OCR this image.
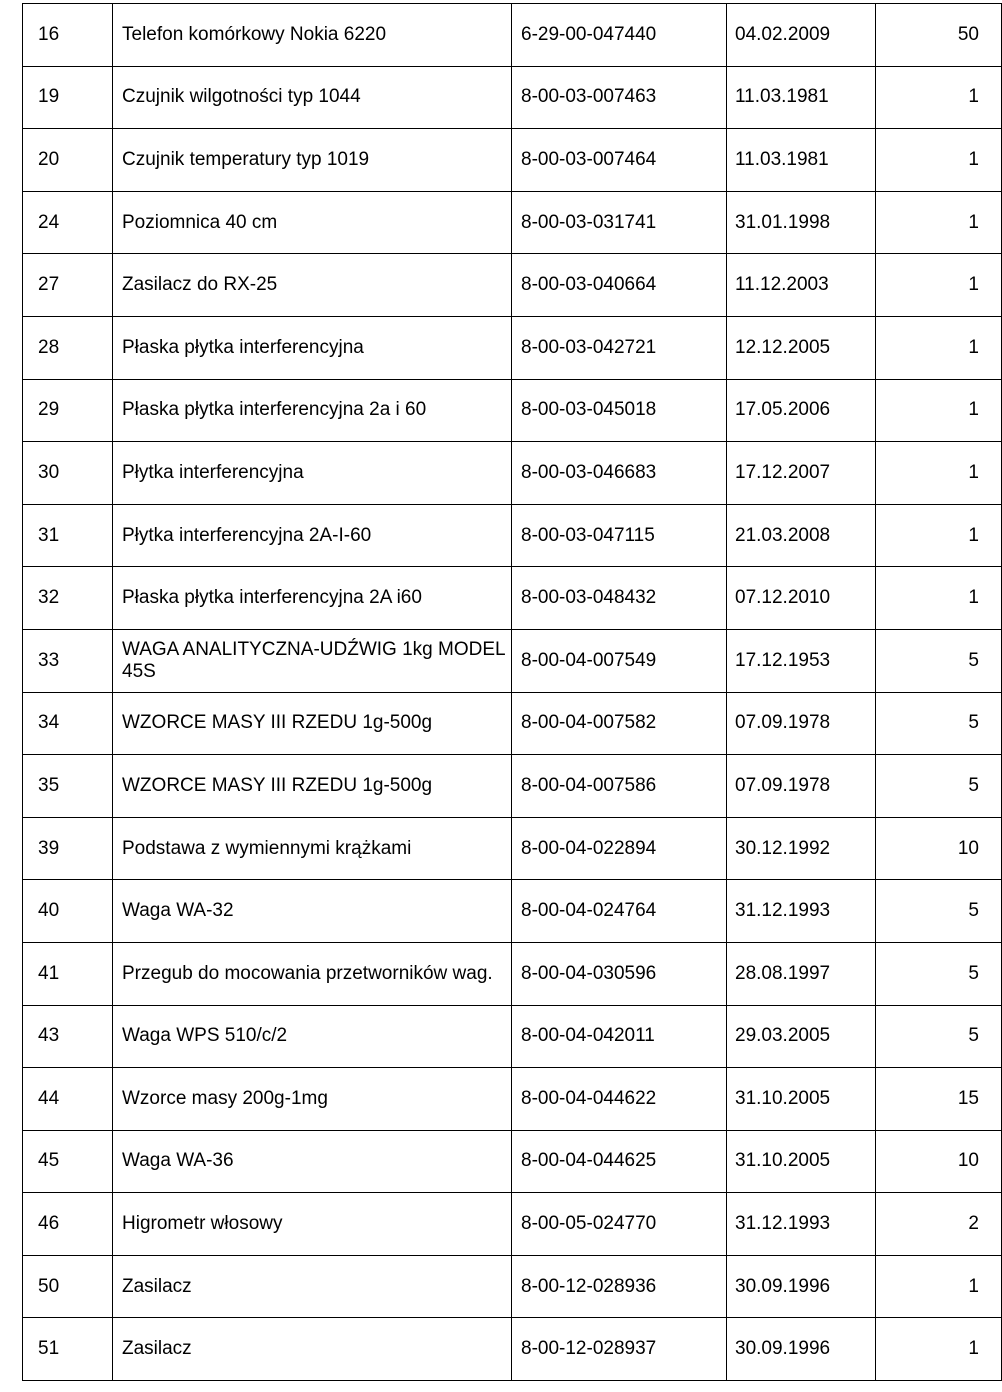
16	Telefon komórkowy Nokia 6220	6-29-00-047440	04.02.2009	50
19	Czujnik wilgotności typ 1044	8-00-03-007463	11.03.1981	1
20	Czujnik temperatury typ 1019	8-00-03-007464	11.03.1981	1
24	Poziomnica 40 cm	8-00-03-031741	31.01.1998	1
27	Zasilacz do RX-25	8-00-03-040664	11.12.2003	1
28	Płaska płytka interferencyjna	8-00-03-042721	12.12.2005	1
29	Płaska płytka interferencyjna 2a i 60	8-00-03-045018	17.05.2006	1
30	Płytka interferencyjna	8-00-03-046683	17.12.2007	1
31	Płytka interferencyjna 2A-I-60	8-00-03-047115	21.03.2008	1
32	Płaska płytka interferencyjna 2A i60	8-00-03-048432	07.12.2010	1
33	WAGA ANALITYCZNA-UDŹWIG 1kg MODEL 45S	8-00-04-007549	17.12.1953	5
34	WZORCE MASY III RZEDU 1g-500g	8-00-04-007582	07.09.1978	5
35	WZORCE MASY III RZEDU 1g-500g	8-00-04-007586	07.09.1978	5
39	Podstawa z wymiennymi krążkami	8-00-04-022894	30.12.1992	10
40	Waga WA-32	8-00-04-024764	31.12.1993	5
41	Przegub do mocowania przetworników wag.	8-00-04-030596	28.08.1997	5
43	Waga WPS 510/c/2	8-00-04-042011	29.03.2005	5
44	Wzorce masy 200g-1mg	8-00-04-044622	31.10.2005	15
45	Waga WA-36	8-00-04-044625	31.10.2005	10
46	Higrometr włosowy	8-00-05-024770	31.12.1993	2
50	Zasilacz	8-00-12-028936	30.09.1996	1
51	Zasilacz	8-00-12-028937	30.09.1996	1
